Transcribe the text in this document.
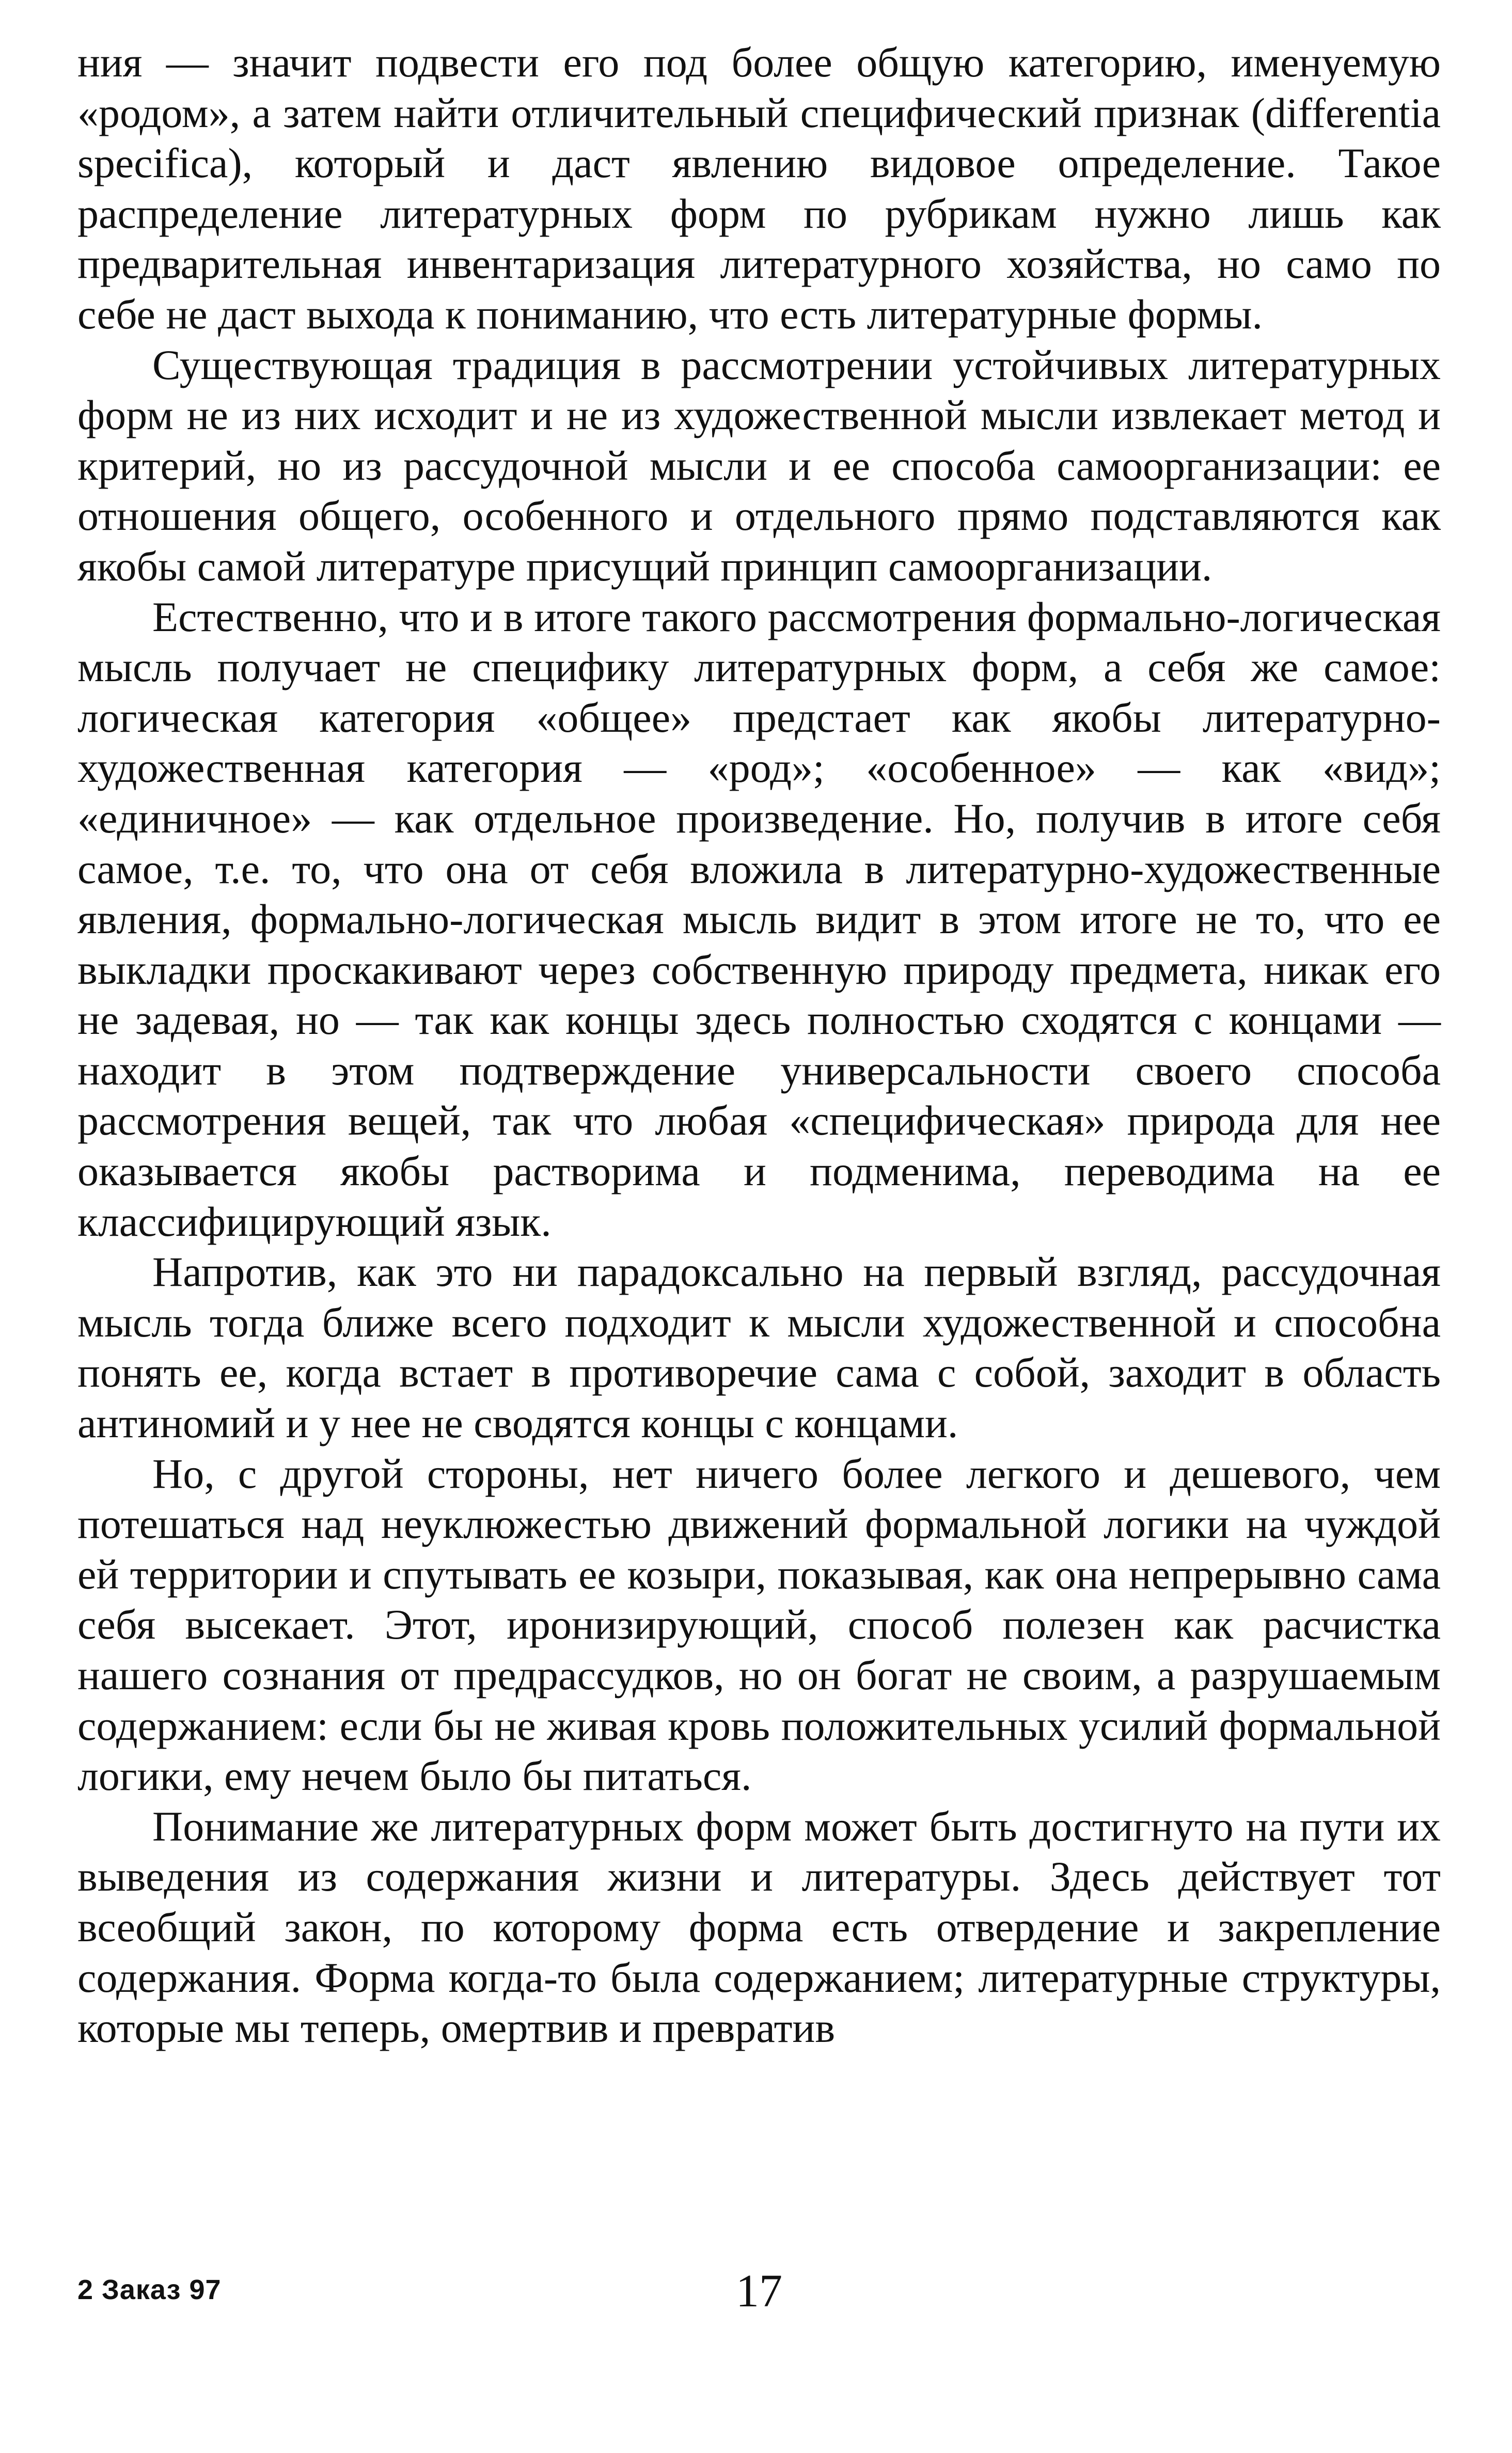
ния — значит подвести его под более общую категорию, именуемую «родом», а затем найти отличительный специфический признак (differentia specifica), который и даст явлению видовое определение. Такое распределение литературных форм по рубрикам нужно лишь как предварительная инвентаризация литературного хозяйства, но само по себе не даст выхода к пониманию, что есть литературные формы.

Существующая традиция в рассмотрении устойчивых литературных форм не из них исходит и не из художественной мысли извлекает метод и критерий, но из рассудочной мысли и ее способа самоорганизации: ее отношения общего, особенного и отдельного прямо подставляются как якобы самой литературе присущий принцип самоорганизации.

Естественно, что и в итоге такого рассмотрения формально-логическая мысль получает не специфику литературных форм, а себя же самое: логическая категория «общее» предстает как якобы литературно-художественная категория — «род»; «особенное» — как «вид»; «единичное» — как отдельное произведение. Но, получив в итоге себя самое, т.е. то, что она от себя вложила в литературно-художественные явления, формально-логическая мысль видит в этом итоге не то, что ее выкладки проскакивают через собственную природу предмета, никак его не задевая, но — так как концы здесь полностью сходятся с концами — находит в этом подтверждение универсальности своего способа рассмотрения вещей, так что любая «специфическая» природа для нее оказывается якобы растворима и подменима, переводима на ее классифицирующий язык.

Напротив, как это ни парадоксально на первый взгляд, рассудочная мысль тогда ближе всего подходит к мысли художественной и способна понять ее, когда встает в противоречие сама с собой, заходит в область антиномий и у нее не сводятся концы с концами.

Но, с другой стороны, нет ничего более легкого и дешевого, чем потешаться над неуклюжестью движений формальной логики на чуждой ей территории и спутывать ее козыри, показывая, как она непрерывно сама себя высекает. Этот, иронизирующий, способ полезен как расчистка нашего сознания от предрассудков, но он богат не своим, а разрушаемым содержанием: если бы не живая кровь положительных усилий формальной логики, ему нечем было бы питаться.

Понимание же литературных форм может быть достигнуто на пути их выведения из содержания жизни и литературы. Здесь действует тот всеобщий закон, по которому форма есть отвердение и закрепление содержания. Форма когда-то была содержанием; литературные структуры, которые мы теперь, омертвив и превратив

2 Заказ 97	17
